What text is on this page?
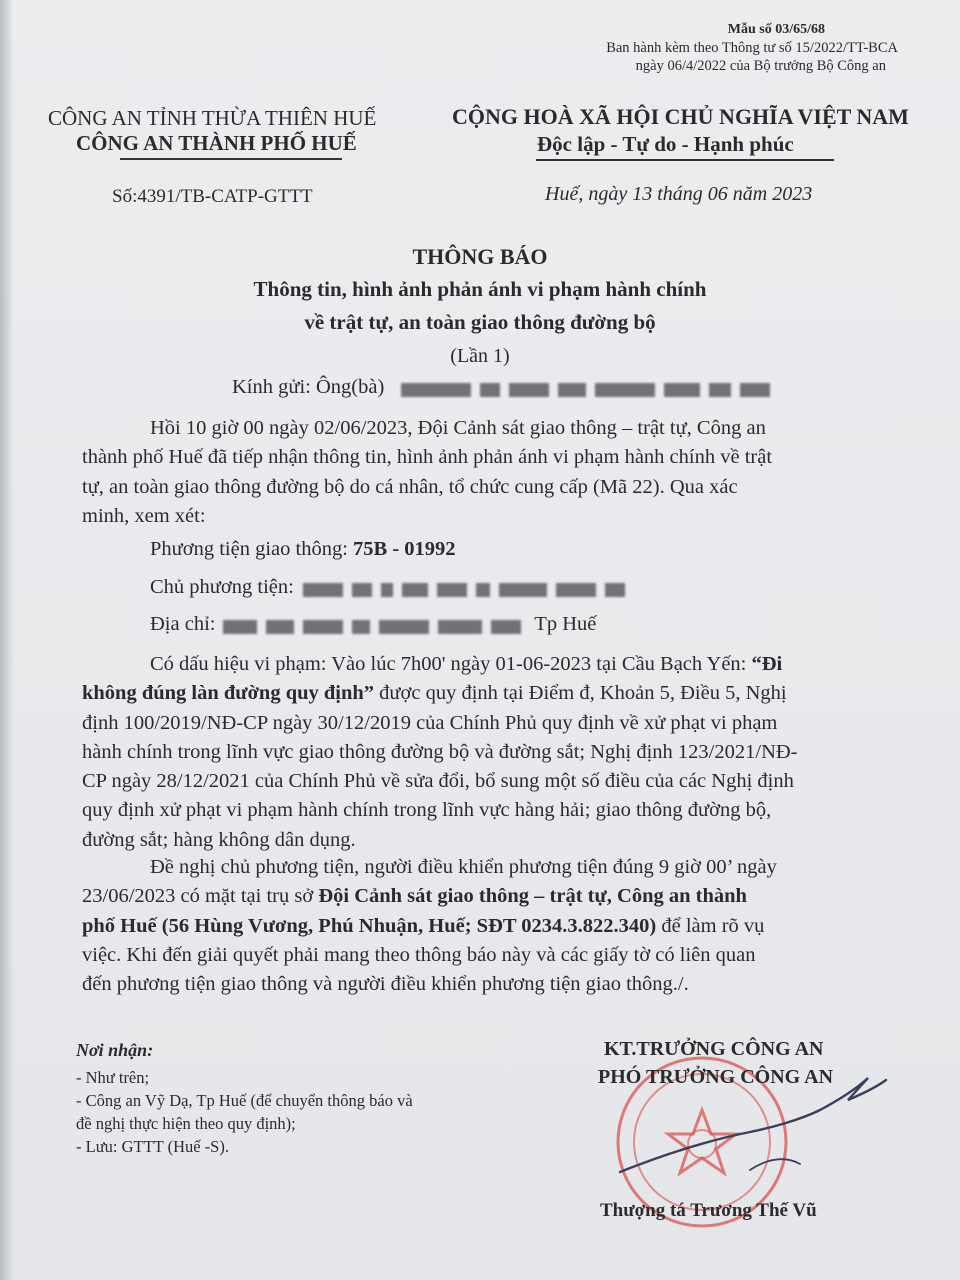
Mẫu số 03/65/68
Ban hành kèm theo Thông tư số 15/2022/TT-BCA
ngày 06/4/2022 của Bộ trưởng Bộ Công an
CÔNG AN TỈNH THỪA THIÊN HUẾ
CÔNG AN THÀNH PHỐ HUẾ
Số:4391/TB-CATP-GTTT
CỘNG HOÀ XÃ HỘI CHỦ NGHĨA VIỆT NAM
Độc lập - Tự do - Hạnh phúc
Huế, ngày 13 tháng 06 năm 2023
THÔNG BÁO
Thông tin, hình ảnh phản ánh vi phạm hành chính
về trật tự, an toàn giao thông đường bộ
(Lần 1)
Kính gửi: Ông(bà)
Hồi 10 giờ 00 ngày 02/06/2023, Đội Cảnh sát giao thông – trật tự, Công an
thành phố Huế đã tiếp nhận thông tin, hình ảnh phản ánh vi phạm hành chính về trật
tự, an toàn giao thông đường bộ do cá nhân, tổ chức cung cấp (Mã 22). Qua xác
minh, xem xét:
Phương tiện giao thông: 75B - 01992
Chủ phương tiện:
Địa chỉ:	Tp Huế
Có dấu hiệu vi phạm: Vào lúc 7h00' ngày 01-06-2023 tại Cầu Bạch Yến: “Đi
không đúng làn đường quy định” được quy định tại Điểm đ, Khoản 5, Điều 5, Nghị
định 100/2019/NĐ-CP ngày 30/12/2019 của Chính Phủ quy định về xử phạt vi phạm
hành chính trong lĩnh vực giao thông đường bộ và đường sắt; Nghị định 123/2021/NĐ-
CP ngày 28/12/2021 của Chính Phủ về sửa đổi, bổ sung một số điều của các Nghị định
quy định xử phạt vi phạm hành chính trong lĩnh vực hàng hải; giao thông đường bộ,
đường sắt; hàng không dân dụng.
Đề nghị chủ phương tiện, người điều khiển phương tiện đúng 9 giờ 00’ ngày
23/06/2023 có mặt tại trụ sở Đội Cảnh sát giao thông – trật tự, Công an thành
phố Huế (56 Hùng Vương, Phú Nhuận, Huế; SĐT 0234.3.822.340) để làm rõ vụ
việc. Khi đến giải quyết phải mang theo thông báo này và các giấy tờ có liên quan
đến phương tiện giao thông và người điều khiển phương tiện giao thông./.
Nơi nhận:
- Như trên;
- Công an Vỹ Dạ, Tp Huế (để chuyển thông báo và
đề nghị thực hiện theo quy định);
- Lưu: GTTT (Huế -S).
KT.TRƯỞNG CÔNG AN
PHÓ TRƯỞNG CÔNG AN
Thượng tá Trương Thế Vũ
